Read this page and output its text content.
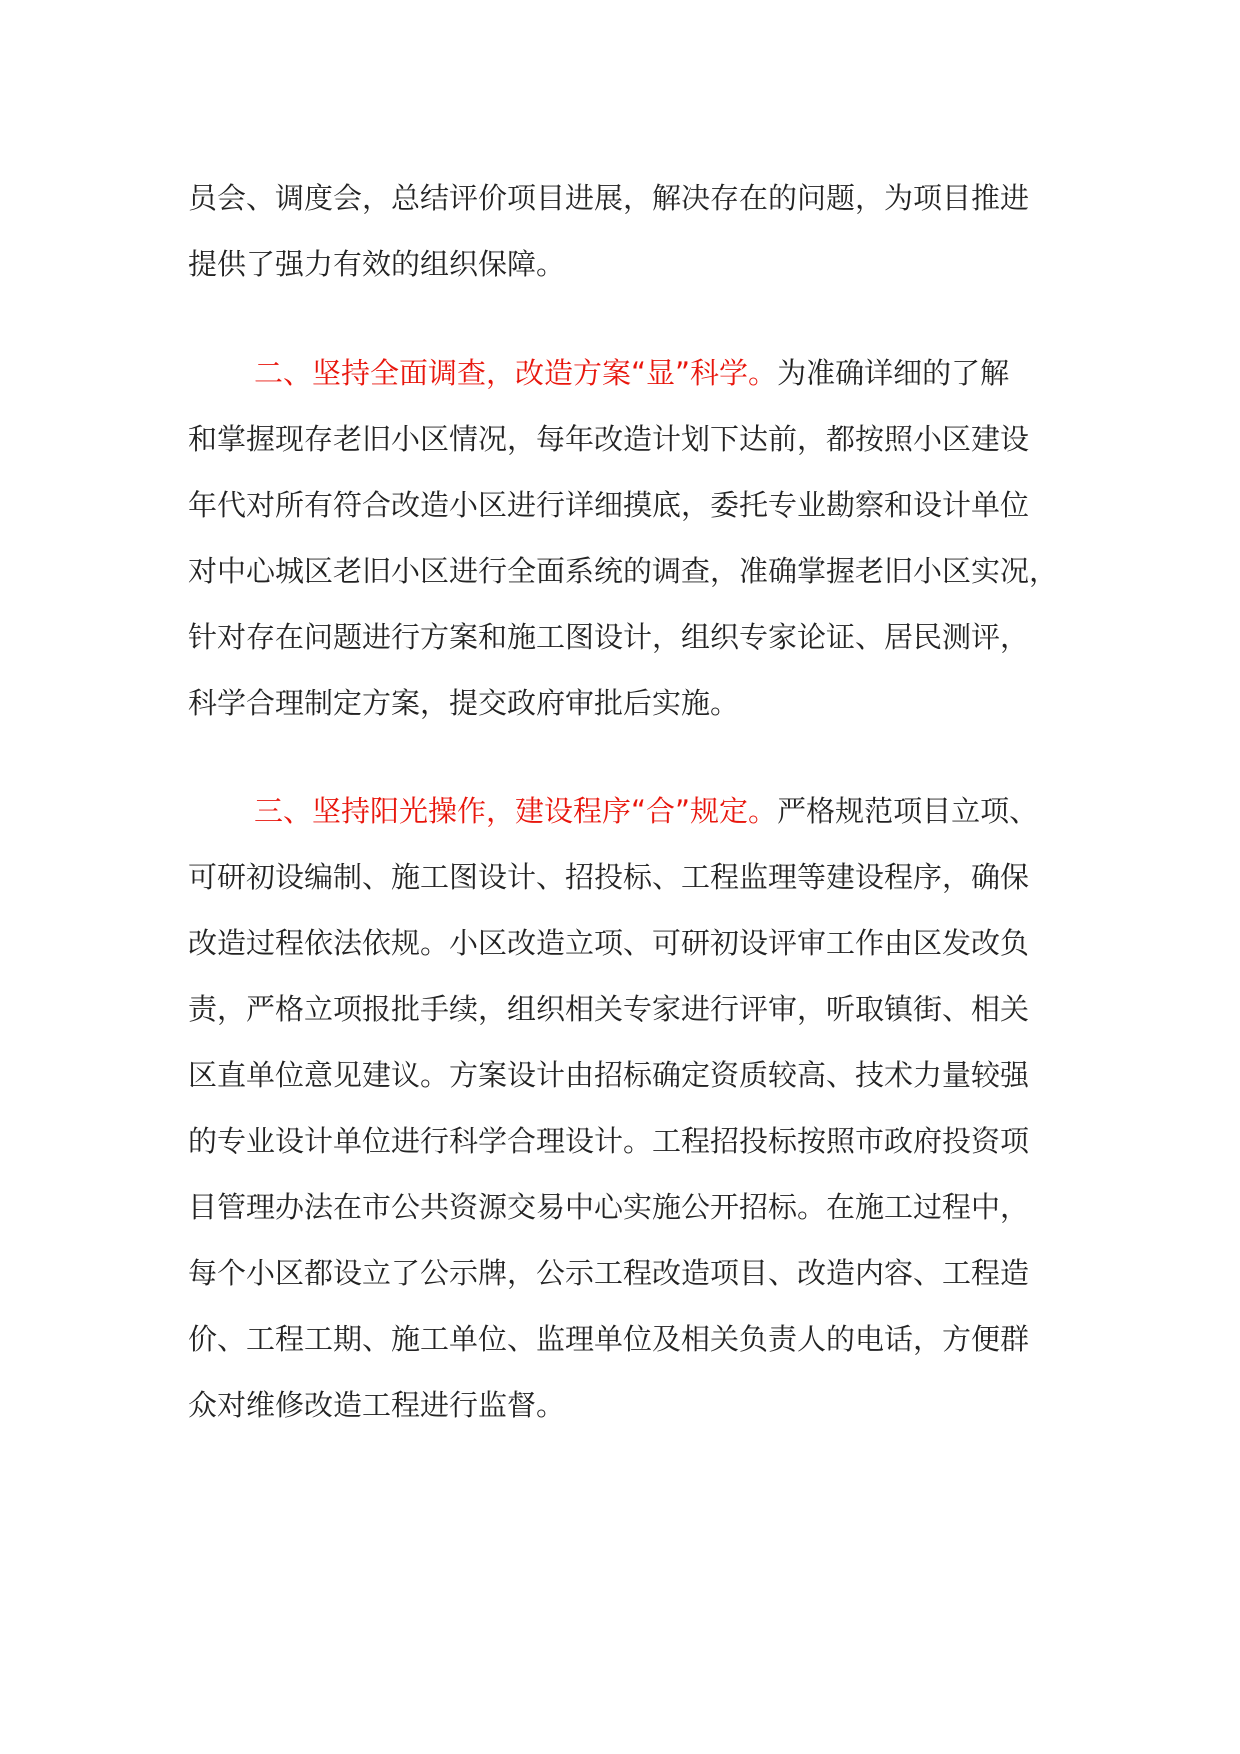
员会、调度会，总结评价项目进展，解决存在的问题，为项目推进
提供了强力有效的组织保障。
二、坚持全面调查，改造方案“显”科学。为准确详细的了解
和掌握现存老旧小区情况，每年改造计划下达前，都按照小区建设
年代对所有符合改造小区进行详细摸底，委托专业勘察和设计单位
对中心城区老旧小区进行全面系统的调查，准确掌握老旧小区实况，
针对存在问题进行方案和施工图设计，组织专家论证、居民测评，
科学合理制定方案，提交政府审批后实施。
三、坚持阳光操作，建设程序“合”规定。严格规范项目立项、
可研初设编制、施工图设计、招投标、工程监理等建设程序，确保
改造过程依法依规。小区改造立项、可研初设评审工作由区发改负
责，严格立项报批手续，组织相关专家进行评审，听取镇街、相关
区直单位意见建议。方案设计由招标确定资质较高、技术力量较强
的专业设计单位进行科学合理设计。工程招投标按照市政府投资项
目管理办法在市公共资源交易中心实施公开招标。在施工过程中，
每个小区都设立了公示牌，公示工程改造项目、改造内容、工程造
价、工程工期、施工单位、监理单位及相关负责人的电话，方便群
众对维修改造工程进行监督。
